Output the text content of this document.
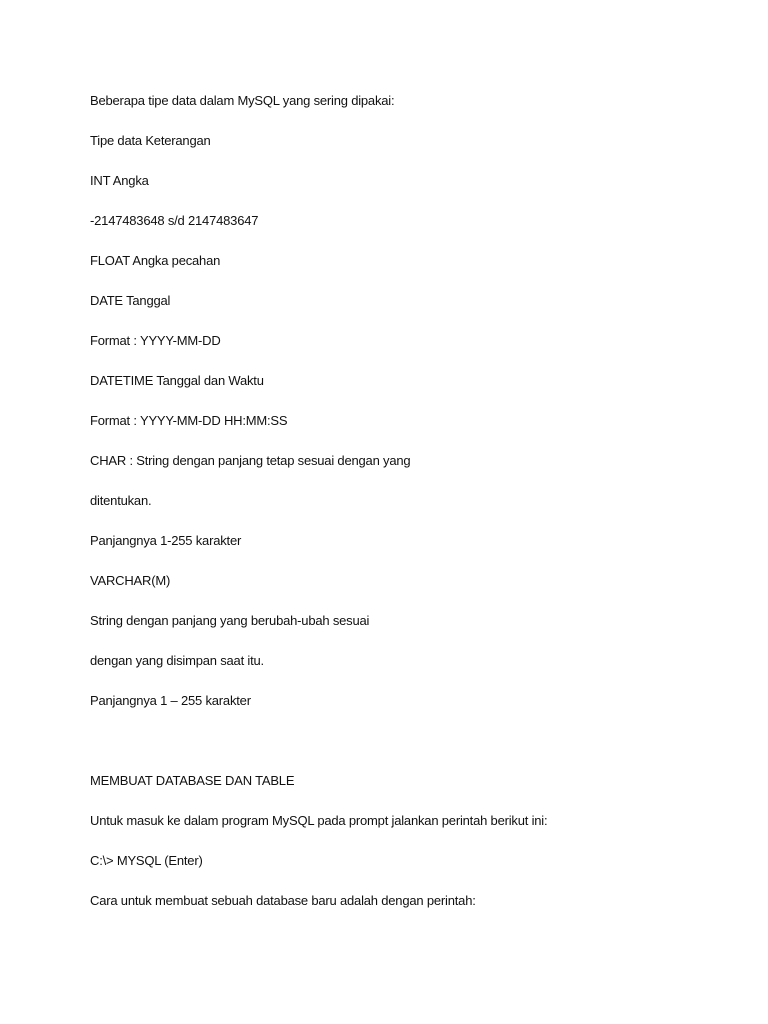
Beberapa tipe data dalam MySQL yang sering dipakai:

Tipe data Keterangan

INT Angka

-2147483648 s/d 2147483647

FLOAT Angka pecahan

DATE Tanggal

Format : YYYY-MM-DD

DATETIME Tanggal dan Waktu

Format : YYYY-MM-DD HH:MM:SS

CHAR : String dengan panjang tetap sesuai dengan yang

ditentukan.

Panjangnya 1-255 karakter

VARCHAR(M)

String dengan panjang yang berubah-ubah sesuai

dengan yang disimpan saat itu.

Panjangnya 1 – 255 karakter

MEMBUAT DATABASE DAN TABLE

Untuk masuk ke dalam program MySQL pada prompt jalankan perintah berikut ini:

C:\> MYSQL (Enter)

Cara untuk membuat sebuah database baru adalah dengan perintah:
